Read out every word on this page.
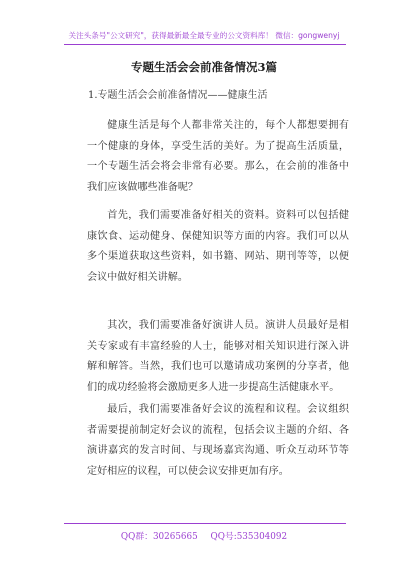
关注头条号"公文研究"，获得最新最全最专业的公文资料库！ 微信：gongwenyj
专题生活会会前准备情况3篇
1.专题生活会会前准备情况——健康生活

健康生活是每个人都非常关注的，每个人都想要拥有一个健康的身体，享受生活的美好。为了提高生活质量，一个专题生活会将会非常有必要。那么，在会前的准备中我们应该做哪些准备呢？

首先，我们需要准备好相关的资料。资料可以包括健康饮食、运动健身、保健知识等方面的内容。我们可以从多个渠道获取这些资料，如书籍、网站、期刊等等，以便会议中做好相关讲解。

其次，我们需要准备好演讲人员。演讲人员最好是相关专家或有丰富经验的人士，能够对相关知识进行深入讲解和解答。当然，我们也可以邀请成功案例的分享者，他们的成功经验将会激励更多人进一步提高生活健康水平。

最后，我们需要准备好会议的流程和议程。会议组织者需要提前制定好会议的流程，包括会议主题的介绍、各演讲嘉宾的发言时间、与现场嘉宾沟通、听众互动环节等定好相应的议程，可以使会议安排更加有序。

QQ群：30265665 QQ号:535304092
